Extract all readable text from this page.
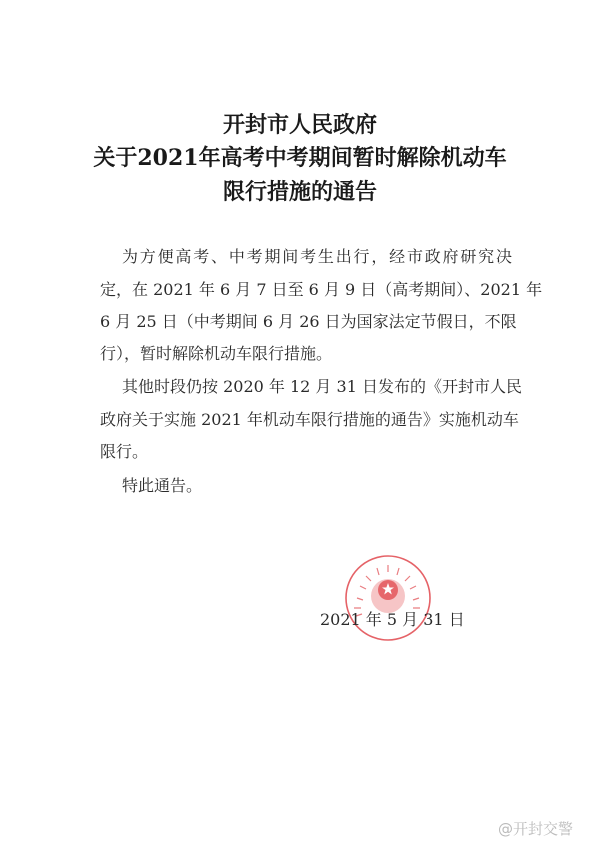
开封市人民政府
关于2021年高考中考期间暂时解除机动车
限行措施的通告
为方便高考、中考期间考生出行，经市政府研究决
定，在 2021 年 6 月 7 日至 6 月 9 日（高考期间）、2021 年
6 月 25 日（中考期间 6 月 26 日为国家法定节假日，不限
行），暂时解除机动车限行措施。
其他时段仍按 2020 年 12 月 31 日发布的《开封市人民
政府关于实施 2021 年机动车限行措施的通告》实施机动车
限行。
特此通告。
2021 年 5 月 31 日
@开封交警
